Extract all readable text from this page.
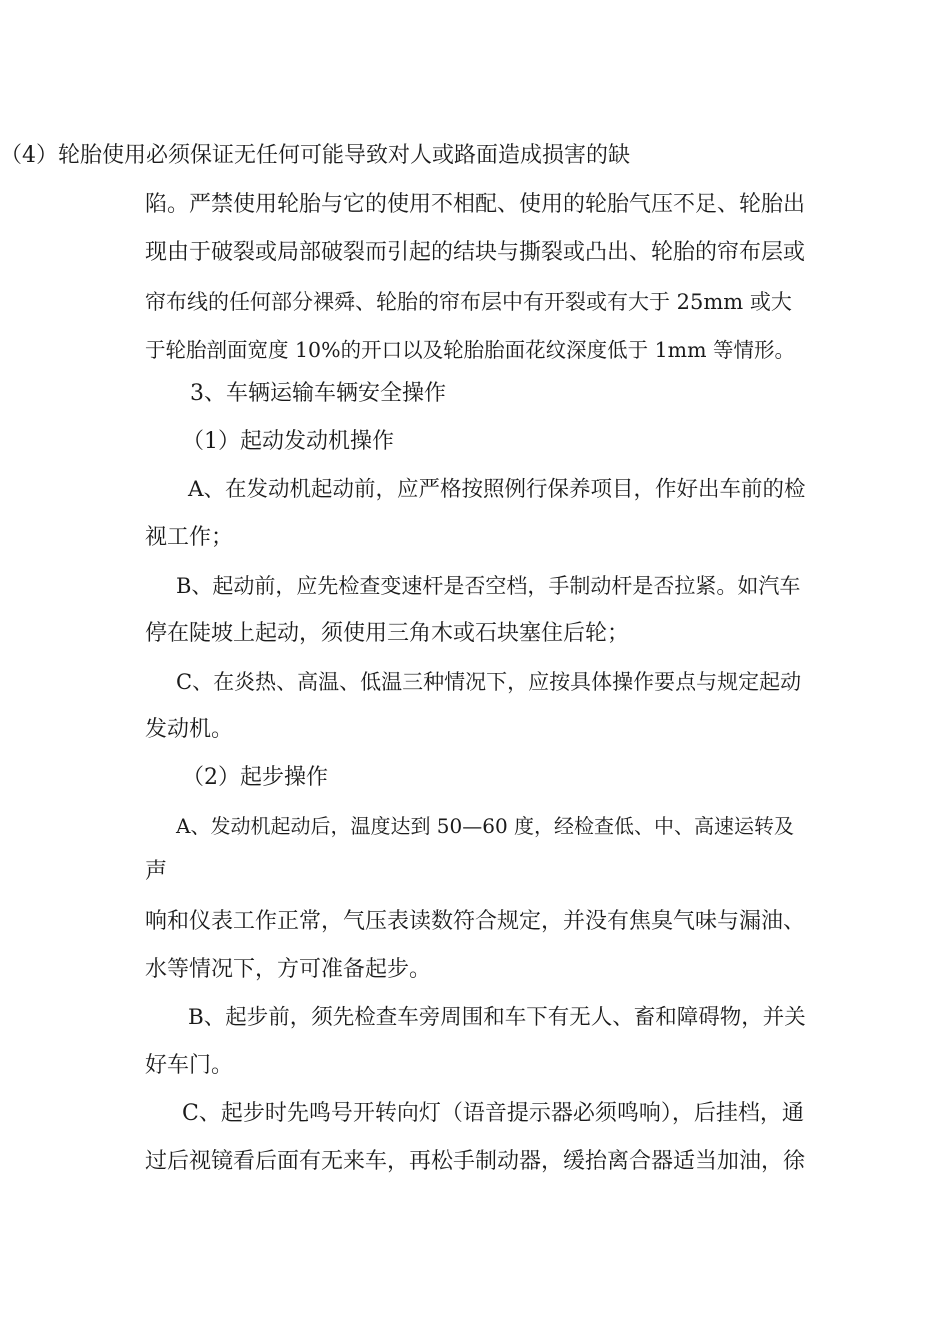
（4）轮胎使用必须保证无任何可能导致对人或路面造成损害的缺
陷。严禁使用轮胎与它的使用不相配、使用的轮胎气压不足、轮胎出
现由于破裂或局部破裂而引起的结块与撕裂或凸出、轮胎的帘布层或
帘布线的任何部分裸舜、轮胎的帘布层中有开裂或有大于 25mm 或大
于轮胎剖面宽度 10%的开口以及轮胎胎面花纹深度低于 1mm 等情形。
3、车辆运输车辆安全操作
（1）起动发动机操作
A、在发动机起动前，应严格按照例行保养项目，作好出车前的检
视工作；
B、起动前，应先检查变速杆是否空档，手制动杆是否拉紧。如汽车
停在陡坡上起动，须使用三角木或石块塞住后轮；
C、在炎热、高温、低温三种情况下，应按具体操作要点与规定起动
发动机。
（2）起步操作
A、发动机起动后，温度达到 50—60 度，经检查低、中、高速运转及
声
响和仪表工作正常，气压表读数符合规定，并没有焦臭气味与漏油、
水等情况下，方可准备起步。
B、起步前，须先检查车旁周围和车下有无人、畜和障碍物，并关
好车门。
C、起步时先鸣号开转向灯（语音提示器必须鸣响），后挂档，通
过后视镜看后面有无来车，再松手制动器，缓抬离合器适当加油，徐
